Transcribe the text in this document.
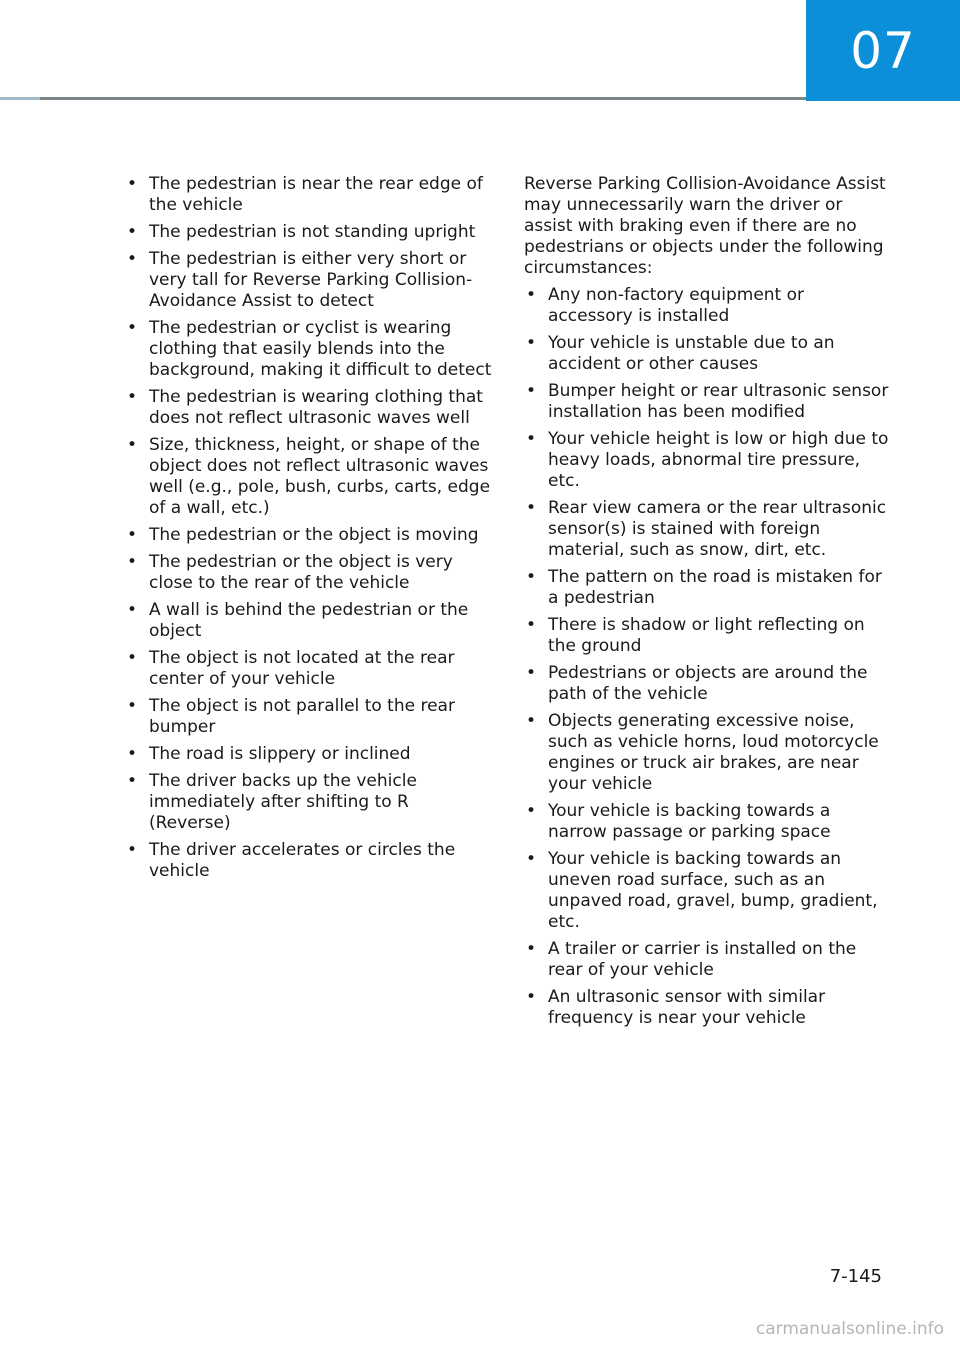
07
• The pedestrian is near the rear edge of the vehicle
• The pedestrian is not standing upright
• The pedestrian is either very short or very tall for Reverse Parking Collision-Avoidance Assist to detect
• The pedestrian or cyclist is wearing clothing that easily blends into the background, making it difficult to detect
• The pedestrian is wearing clothing that does not reflect ultrasonic waves well
• Size, thickness, height, or shape of the object does not reflect ultrasonic waves well (e.g., pole, bush, curbs, carts, edge of a wall, etc.)
• The pedestrian or the object is moving
• The pedestrian or the object is very close to the rear of the vehicle
• A wall is behind the pedestrian or the object
• The object is not located at the rear center of your vehicle
• The object is not parallel to the rear bumper
• The road is slippery or inclined
• The driver backs up the vehicle immediately after shifting to R (Reverse)
• The driver accelerates or circles the vehicle

Reverse Parking Collision-Avoidance Assist may unnecessarily warn the driver or assist with braking even if there are no pedestrians or objects under the following circumstances:

• Any non-factory equipment or accessory is installed
• Your vehicle is unstable due to an accident or other causes
• Bumper height or rear ultrasonic sensor installation has been modified
• Your vehicle height is low or high due to heavy loads, abnormal tire pressure, etc.
• Rear view camera or the rear ultrasonic sensor(s) is stained with foreign material, such as snow, dirt, etc.
• The pattern on the road is mistaken for a pedestrian
• There is shadow or light reflecting on the ground
• Pedestrians or objects are around the path of the vehicle
• Objects generating excessive noise, such as vehicle horns, loud motorcycle engines or truck air brakes, are near your vehicle
• Your vehicle is backing towards a narrow passage or parking space
• Your vehicle is backing towards an uneven road surface, such as an unpaved road, gravel, bump, gradient, etc.
• A trailer or carrier is installed on the rear of your vehicle
• An ultrasonic sensor with similar frequency is near your vehicle
7-145
carmanualsonline.info
